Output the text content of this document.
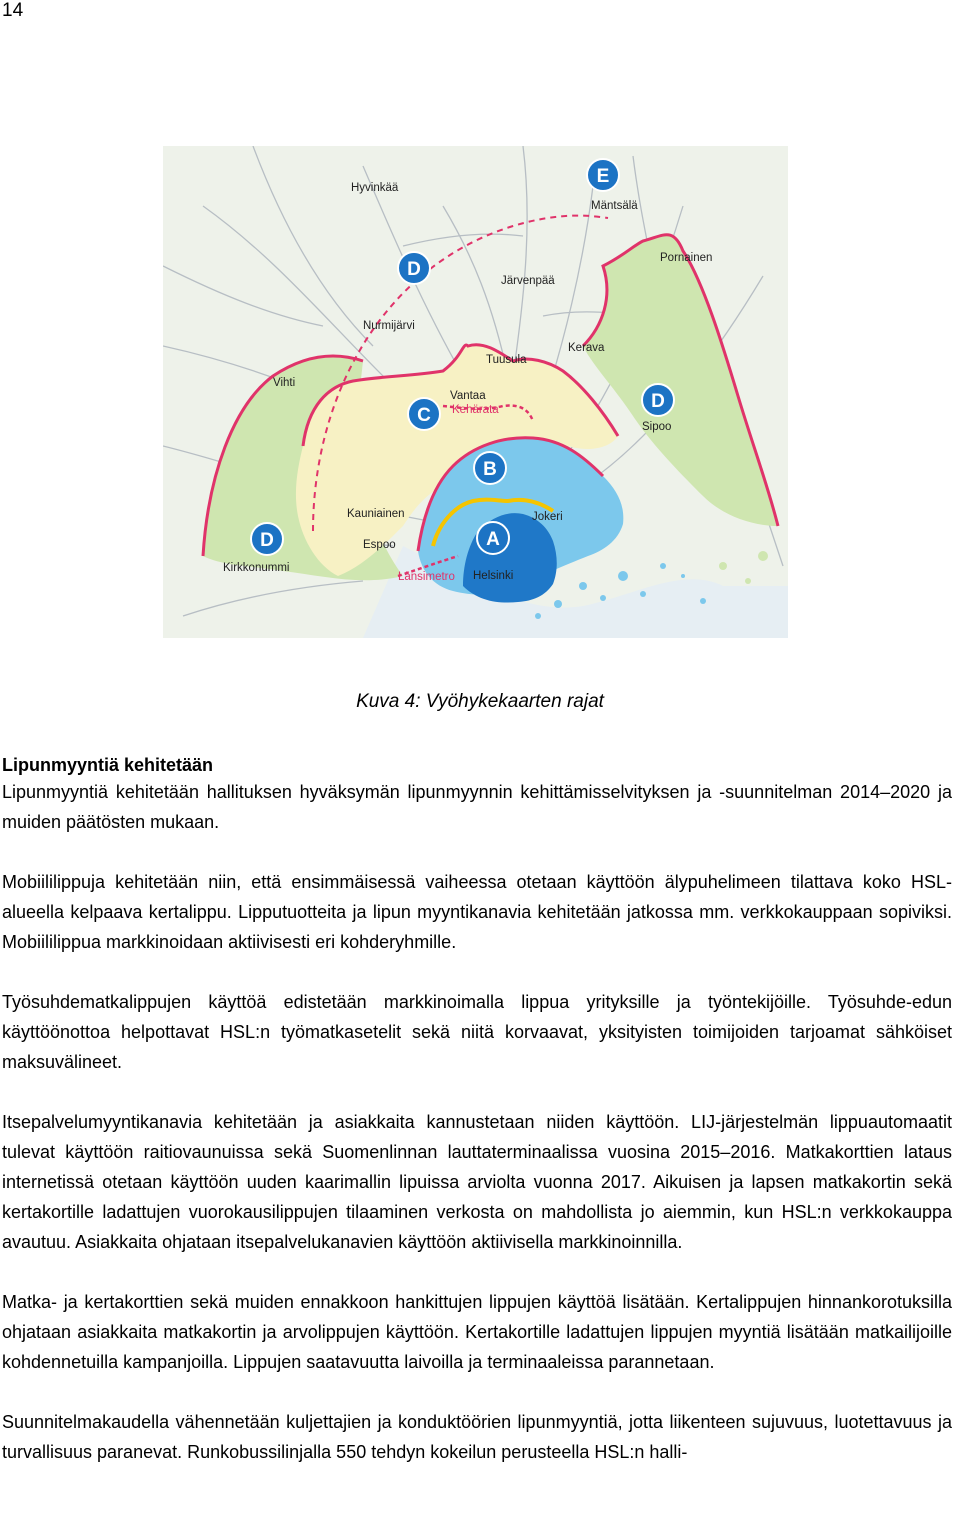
14
Hyvinkää
Mäntsälä
Järvenpää
Pornainen
Nurmijärvi
Tuusula
Kerava
Vihti
Vantaa
Kehärata
Sipoo
Kauniainen
Espoo
Jokeri
Kirkkonummi
Länsimetro Helsinki
E
D
C
D
B
A
D
Kuva 4: Vyöhykekaarten rajat

Lipunmyyntiä kehitetään

Lipunmyyntiä kehitetään hallituksen hyväksymän lipunmyynnin kehittämisselvityksen ja -suunnitelman 2014–2020 ja muiden päätösten mukaan.

Mobiililippuja kehitetään niin, että ensimmäisessä vaiheessa otetaan käyttöön älypuhelimeen tilattava koko HSL-alueella kelpaava kertalippu. Lipputuotteita ja lipun myyntikanavia kehitetään jatkossa mm. verkkokauppaan sopiviksi. Mobiililippua markkinoidaan aktiivisesti eri kohderyhmille.

Työsuhdematkalippujen käyttöä edistetään markkinoimalla lippua yrityksille ja työntekijöille. Työsuhde-edun käyttöönottoa helpottavat HSL:n työmatkasetelit sekä niitä korvaavat, yksityisten toimijoiden tarjoamat sähköiset maksuvälineet.

Itsepalvelumyyntikanavia kehitetään ja asiakkaita kannustetaan niiden käyttöön. LIJ-järjestelmän lippuautomaatit tulevat käyttöön raitiovaunuissa sekä Suomenlinnan lauttaterminaalissa vuosina 2015–2016. Matkakorttien lataus internetissä otetaan käyttöön uuden kaarimallin lipuissa arviolta vuonna 2017. Aikuisen ja lapsen matkakortin sekä kertakortille ladattujen vuorokausilippujen tilaaminen verkosta on mahdollista jo aiemmin, kun HSL:n verkkokauppa avautuu. Asiakkaita ohjataan itsepalvelukanavien käyttöön aktiivisella markkinoinnilla.

Matka- ja kertakorttien sekä muiden ennakkoon hankittujen lippujen käyttöä lisätään. Kertalippujen hinnankorotuksilla ohjataan asiakkaita matkakortin ja arvolippujen käyttöön. Kertakortille ladattujen lippujen myyntiä lisätään matkailijoille kohdennetuilla kampanjoilla. Lippujen saatavuutta laivoilla ja terminaaleissa parannetaan.

Suunnitelmakaudella vähennetään kuljettajien ja konduktöörien lipunmyyntiä, jotta liikenteen sujuvuus, luotettavuus ja turvallisuus paranevat. Runkobussilinjalla 550 tehdyn kokeilun perusteella HSL:n halli-
